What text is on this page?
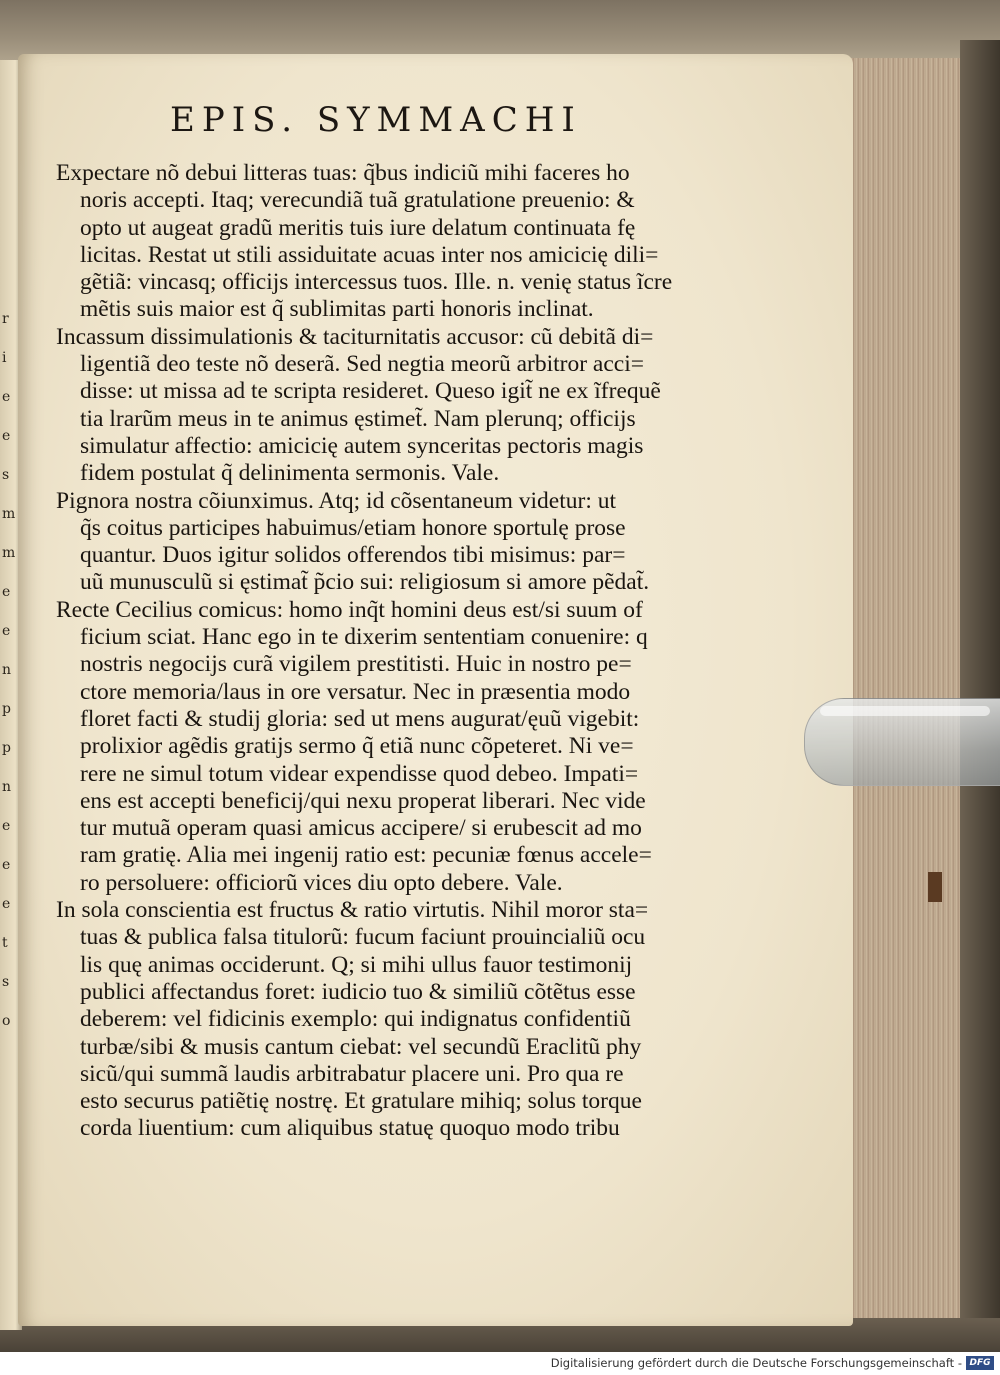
r
i
e
e
s
m
m
e
e
n
p
p
n
e
e
e
t
s
o
EPIS. SYMMACHI
Expectare nõ debui litteras tuas: q̃bus indiciũ mihi faceres ho
noris accepti. Itaq; verecundiã tuã gratulatione preuenio: &
opto ut augeat gradũ meritis tuis iure delatum continuata fę
licitas. Restat ut stili assiduitate acuas inter nos amicicię dili=
gẽtiã: vincasq; officijs intercessus tuos. Ille. n. venię status ĩcre
mẽtis suis maior est q̃ sublimitas parti honoris inclinat.
Incassum dissimulationis & taciturnitatis accusor: cũ debitã di=
ligentiã deo teste nõ deserã. Sed negtia meorũ arbitror acci=
disse: ut missa ad te scripta resideret. Queso igit̃ ne ex ĩfrequẽ
tia lrarũm meus in te animus ęstimet̃. Nam plerunq; officijs
simulatur affectio: amicicię autem synceritas pectoris magis
fidem postulat q̃ delinimenta sermonis. Vale.
Pignora nostra cõiunximus. Atq; id cõsentaneum videtur: ut
q̃s coitus participes habuimus/etiam honore sportulę prose
quantur. Duos igitur solidos offerendos tibi misimus: par=
uũ munusculũ si ęstimat̃ p̃cio sui: religiosum si amore pẽdat̃.
Recte Cecilius comicus: homo inq̃t homini deus est/si suum of
ficium sciat. Hanc ego in te dixerim sententiam conuenire: q
nostris negocijs curã vigilem prestitisti. Huic in nostro pe=
ctore memoria/laus in ore versatur. Nec in præsentia modo
floret facti & studij gloria: sed ut mens augurat/ęuũ vigebit:
prolixior agẽdis gratijs sermo q̃ etiã nunc cõpeteret. Ni ve=
rere ne simul totum videar expendisse quod debeo. Impati=
ens est accepti beneficij/qui nexu properat liberari. Nec vide
tur mutuã operam quasi amicus accipere/ si erubescit ad mo
ram gratię. Alia mei ingenij ratio est: pecuniæ fœnus accele=
ro persoluere: officiorũ vices diu opto debere. Vale.
In sola conscientia est fructus & ratio virtutis. Nihil moror sta=
tuas & publica falsa titulorũ: fucum faciunt prouincialiũ ocu
lis quę animas occiderunt. Q; si mihi ullus fauor testimonij
publici affectandus foret: iudicio tuo & similiũ cõtẽtus esse
deberem: vel fidicinis exemplo: qui indignatus confidentiũ
turbæ/sibi & musis cantum ciebat: vel secundũ Eraclitũ phy
sicũ/qui summã laudis arbitrabatur placere uni. Pro qua re
esto securus patiẽtię nostrę. Et gratulare mihiq; solus torque
corda liuentium: cum aliquibus statuę quoquo modo tribu
Digitalisierung gefördert durch die Deutsche Forschungsgemeinschaft - DFG
